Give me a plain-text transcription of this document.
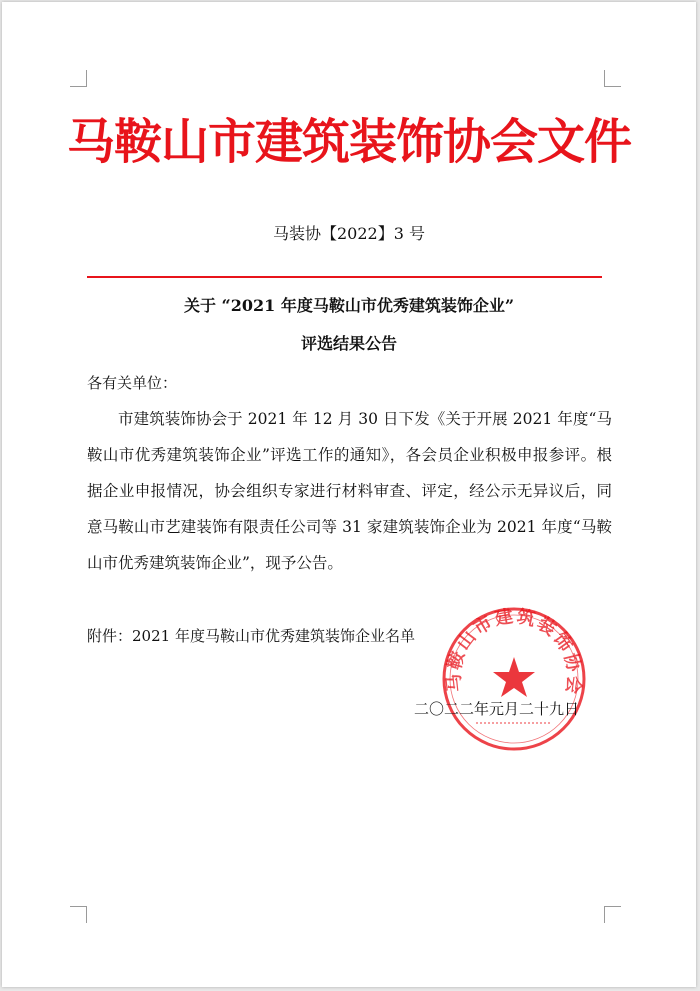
马鞍山市建筑装饰协会文件
马装协【2022】3 号
关于 “2021 年度马鞍山市优秀建筑装饰企业”
评选结果公告
各有关单位：
市建筑装饰协会于 2021 年 12 月 30 日下发《关于开展 2021 年度“马鞍山市优秀建筑装饰企业”评选工作的通知》，各会员企业积极申报参评。根据企业申报情况，协会组织专家进行材料审查、评定，经公示无异议后，同意马鞍山市艺建装饰有限责任公司等 31 家建筑装饰企业为 2021 年度“马鞍山市优秀建筑装饰企业”，现予公告。
附件：2021 年度马鞍山市优秀建筑装饰企业名单
马鞍山市建筑装饰协会
二〇二二年元月二十九日
